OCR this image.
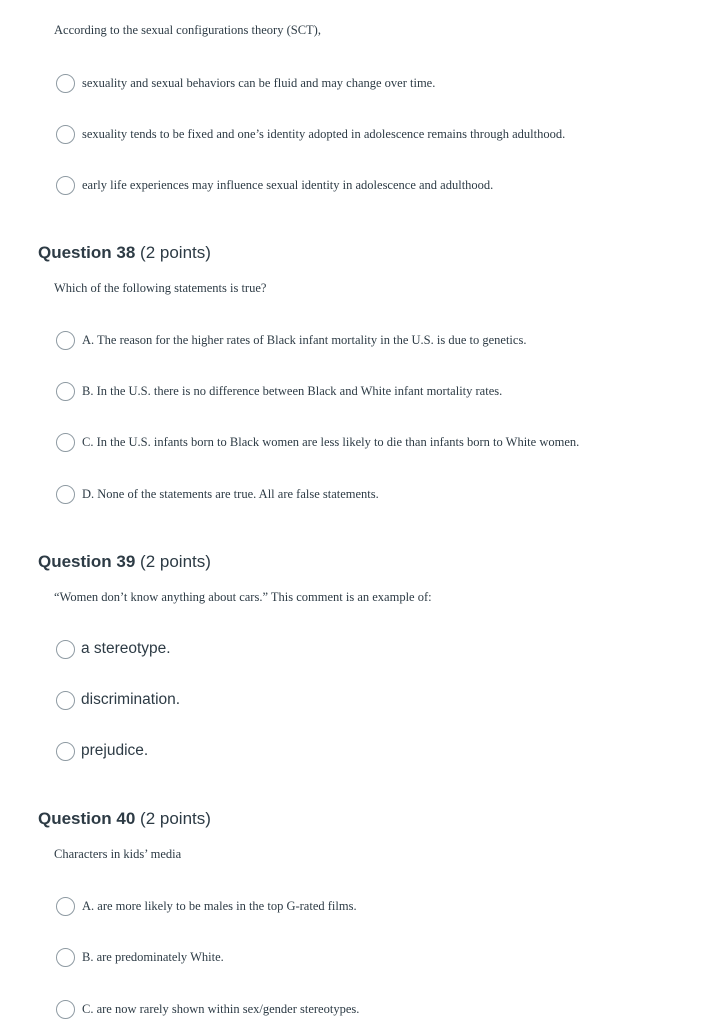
According to the sexual configurations theory (SCT),
sexuality and sexual behaviors can be fluid and may change over time.
sexuality tends to be fixed and one’s identity adopted in adolescence remains through adulthood.
early life experiences may influence sexual identity in adolescence and adulthood.
Question 38 (2 points)
Which of the following statements is true?
A. The reason for the higher rates of Black infant mortality in the U.S. is due to genetics.
B. In the U.S. there is no difference between Black and White infant mortality rates.
C. In the U.S. infants born to Black women are less likely to die than infants born to White women.
D. None of the statements are true. All are false statements.
Question 39 (2 points)
“Women don’t know anything about cars.” This comment is an example of:
a stereotype.
discrimination.
prejudice.
Question 40 (2 points)
Characters in kids’ media
A. are more likely to be males in the top G-rated films.
B. are predominately White.
C. are now rarely shown within sex/gender stereotypes.
